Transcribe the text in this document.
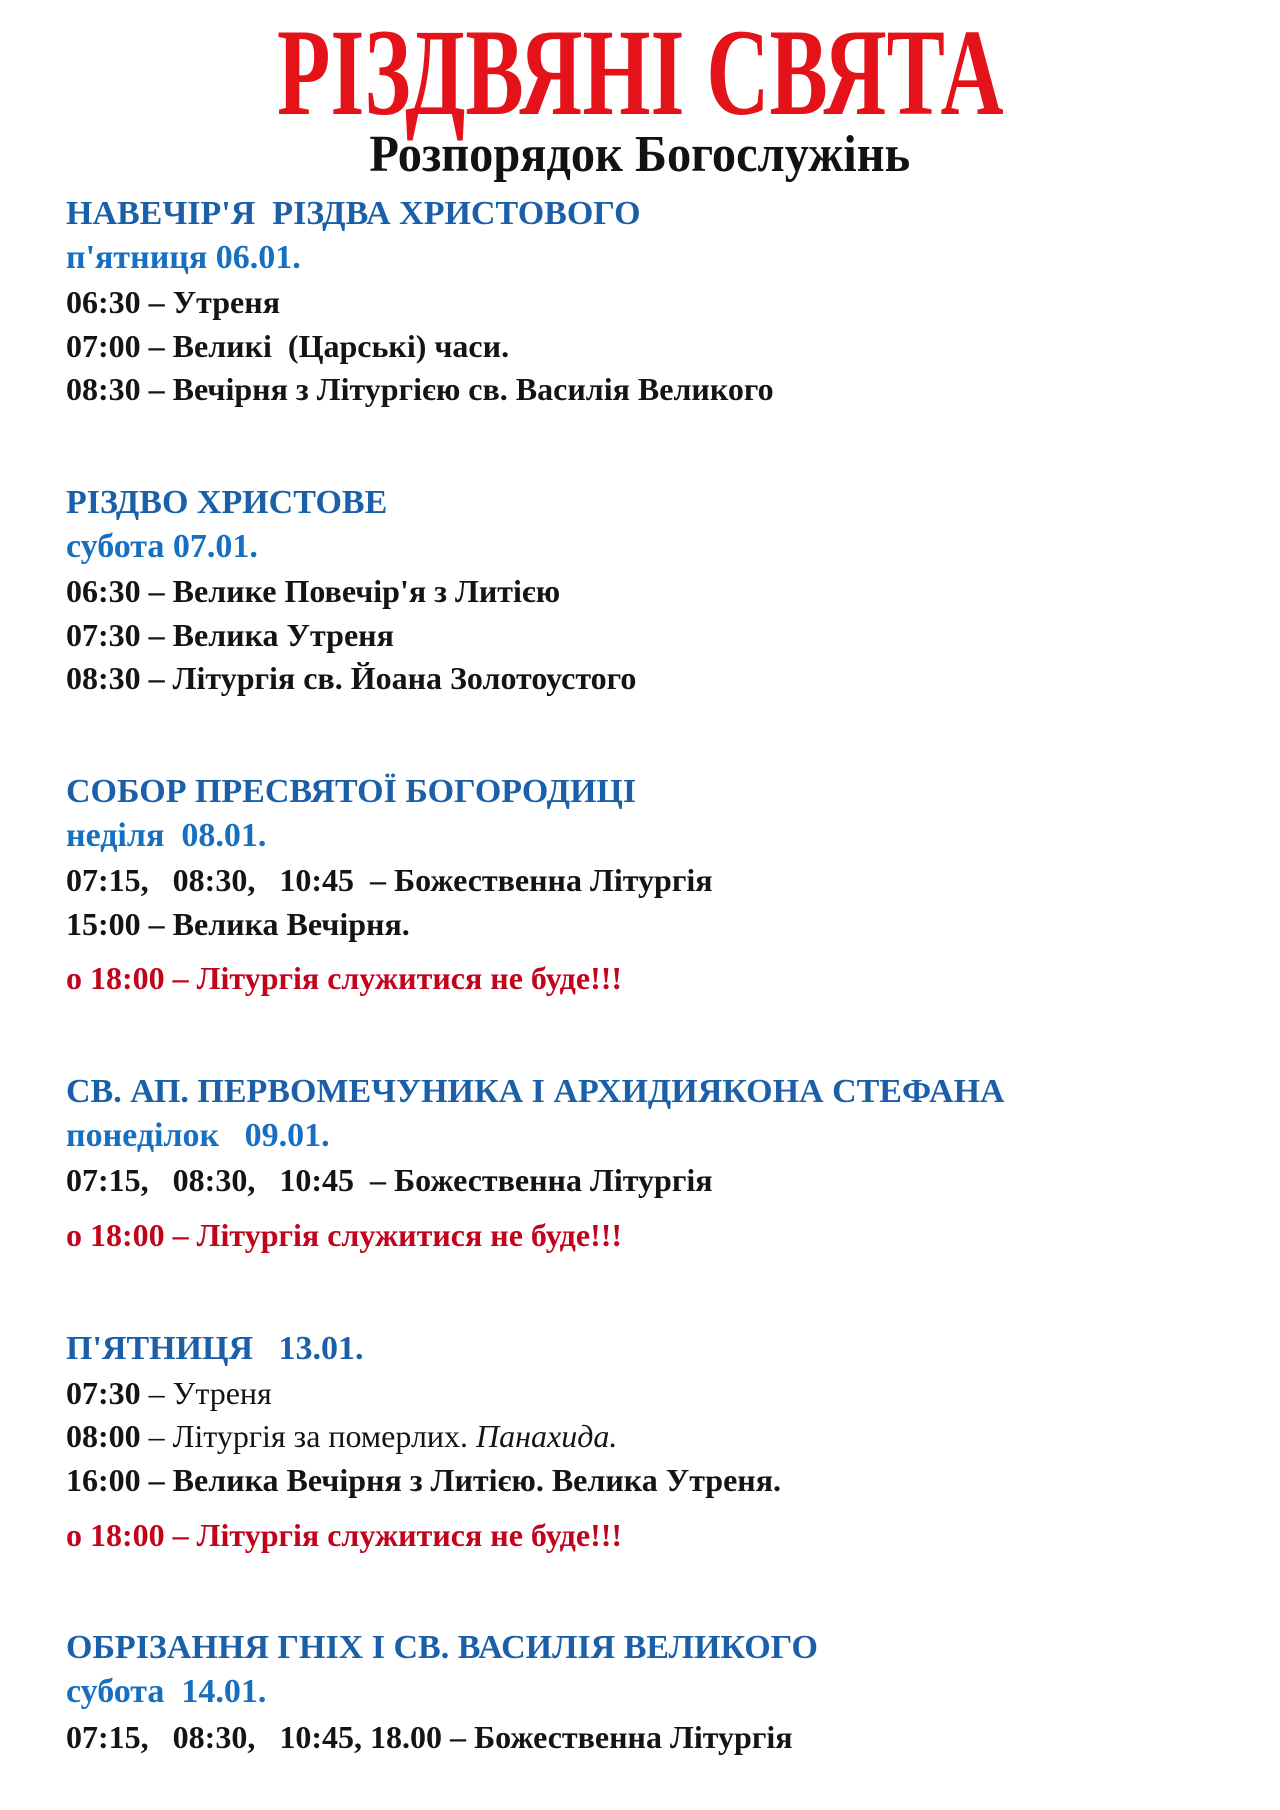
РІЗДВЯНІ СВЯТА
Розпорядок Богослужінь
НАВЕЧІР'Я  РІЗДВА ХРИСТОВОГО
п'ятниця 06.01.
06:30 – Утреня
07:00 – Великі  (Царські) часи.
08:30 – Вечірня з Літургією св. Василія Великого
РІЗДВО ХРИСТОВЕ
субота 07.01.
06:30 – Велике Повечір'я з Литією
07:30 – Велика Утреня
08:30 – Літургія св. Йоана Золотоустого
СОБОР ПРЕСВЯТОЇ БОГОРОДИЦІ
неділя  08.01.
07:15,   08:30,   10:45  – Божественна Літургія
15:00 – Велика Вечірня.
о 18:00 – Літургія служитися не буде!!!
СВ. АП. ПЕРВОМЕЧУНИКА І АРХИДИЯКОНА СТЕФАНА
понеділок   09.01.
07:15,   08:30,   10:45  – Божественна Літургія
о 18:00 – Літургія служитися не буде!!!
П'ЯТНИЦЯ   13.01.
07:30 – Утреня
08:00 – Літургія за померлих. Панахида.
16:00 – Велика Вечірня з Литією. Велика Утреня.
о 18:00 – Літургія служитися не буде!!!
ОБРІЗАННЯ ГНІХ І СВ. ВАСИЛІЯ ВЕЛИКОГО
субота  14.01.
07:15,   08:30,   10:45, 18.00 – Божественна Літургія
